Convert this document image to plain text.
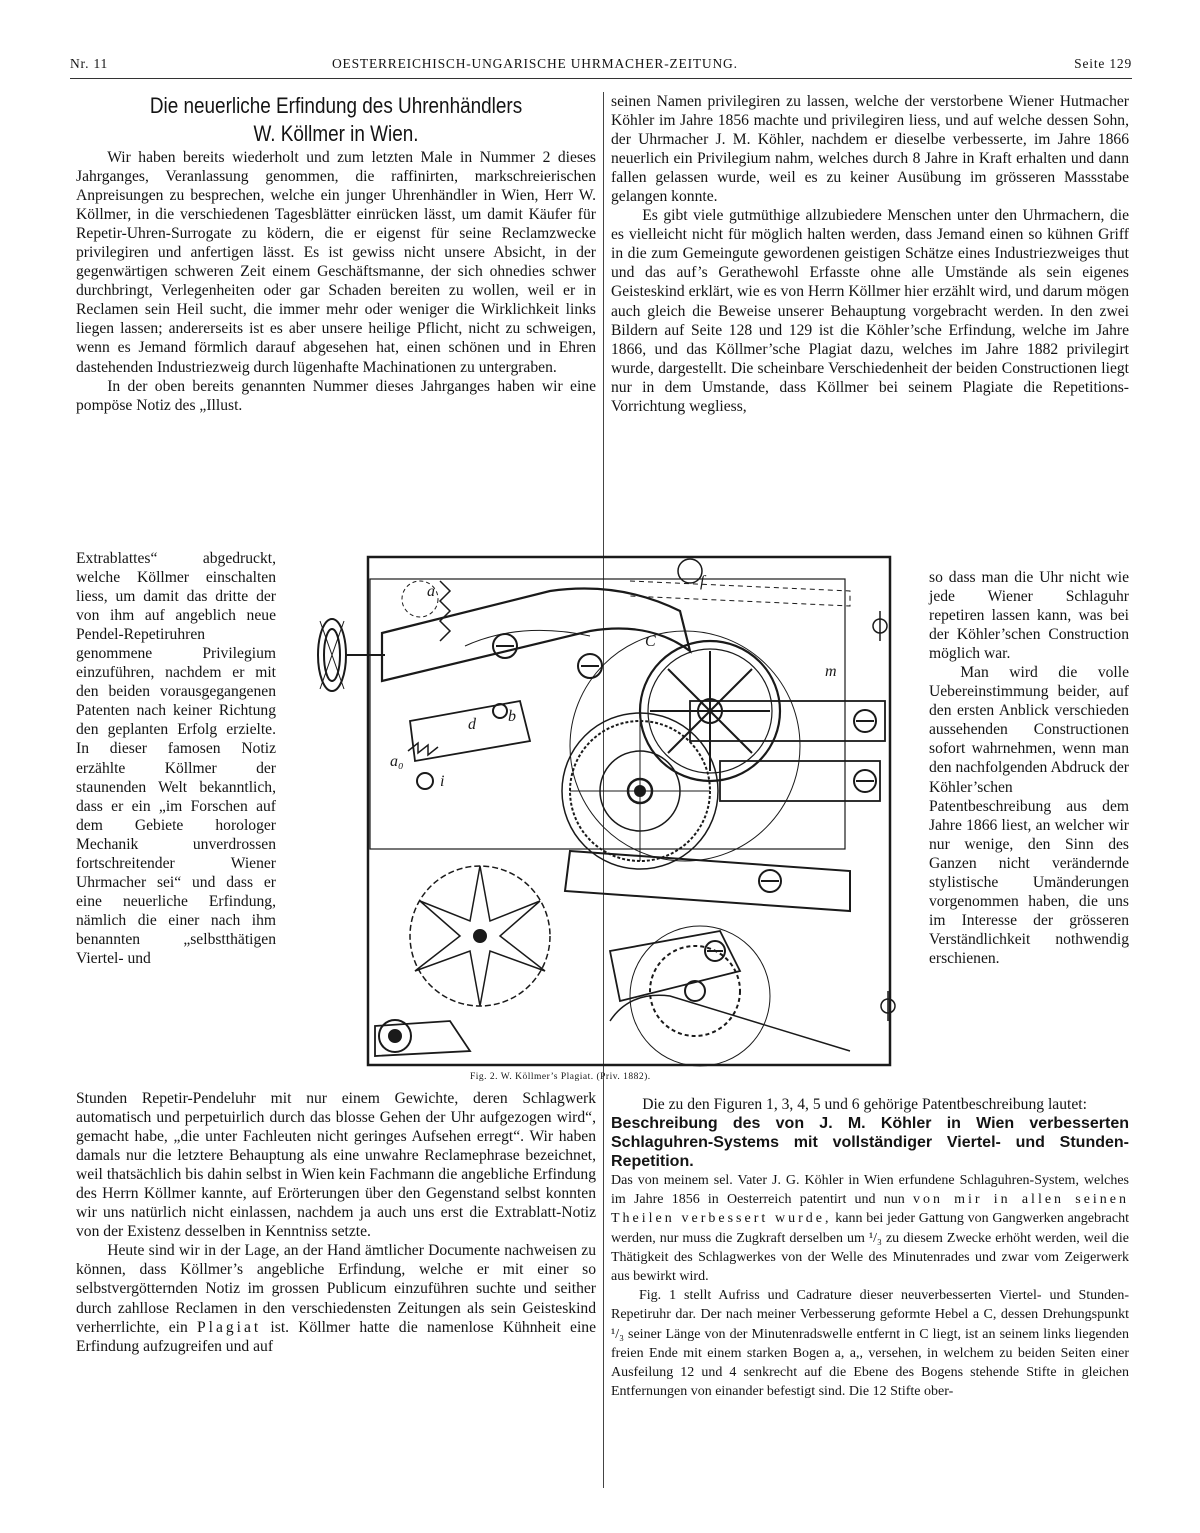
Nr. 11	OESTERREICHISCH-UNGARISCHE UHRMACHER-ZEITUNG.	Seite 129
Die neuerliche Erfindung des Uhrenhändlers
W. Köllmer in Wien.

Wir haben bereits wiederholt und zum letzten Male in Nummer 2 dieses Jahrganges, Veranlassung genommen, die raffinirten, markschreierischen Anpreisungen zu besprechen, welche ein junger Uhrenhändler in Wien, Herr W. Köllmer, in die verschiedenen Tagesblätter einrücken lässt, um damit Käufer für Repetir-Uhren-Surrogate zu ködern, die er eigenst für seine Reclamzwecke privilegiren und anfertigen lässt. Es ist gewiss nicht unsere Absicht, in der gegenwärtigen schweren Zeit einem Geschäftsmanne, der sich ohnedies schwer durchbringt, Verlegenheiten oder gar Schaden bereiten zu wollen, weil er in Reclamen sein Heil sucht, die immer mehr oder weniger die Wirklichkeit links liegen lassen; andererseits ist es aber unsere heilige Pflicht, nicht zu schweigen, wenn es Jemand förmlich darauf abgesehen hat, einen schönen und in Ehren dastehenden Industriezweig durch lügenhafte Machinationen zu untergraben.

In der oben bereits genannten Nummer dieses Jahrganges haben wir eine pompöse Notiz des „Illust.

Extrablattes“ abgedruckt, welche Köllmer einschalten liess, um damit das dritte der von ihm auf angeblich neue Pendel-Repetiruhren genommene Privilegium einzuführen, nachdem er mit den beiden vorausgegangenen Patenten nach keiner Richtung den geplanten Erfolg erzielte. In dieser famosen Notiz erzählte Köllmer der staunenden Welt bekanntlich, dass er ein „im Forschen auf dem Gebiete horologer Mechanik unverdrossen fortschreitender Wiener Uhrmacher sei“ und dass er eine neuerliche Erfindung, nämlich die einer nach ihm benannten „selbstthätigen Viertel- und

Stunden Repetir-Pendeluhr mit nur einem Gewichte, deren Schlagwerk automatisch und perpetuirlich durch das blosse Gehen der Uhr aufgezogen wird“, gemacht habe, „die unter Fachleuten nicht geringes Aufsehen erregt“. Wir haben damals nur die letztere Behauptung als eine unwahre Reclamephrase bezeichnet, weil thatsächlich bis dahin selbst in Wien kein Fachmann die angebliche Erfindung des Herrn Köllmer kannte, auf Erörterungen über den Gegenstand selbst konnten wir uns natürlich nicht einlassen, nachdem ja auch uns erst die Extrablatt-Notiz von der Existenz desselben in Kenntniss setzte.

Heute sind wir in der Lage, an der Hand ämtlicher Documente nachweisen zu können, dass Köllmer’s angebliche Erfindung, welche er mit einer so selbstvergötternden Notiz im grossen Publicum einzuführen suchte und seither durch zahllose Reclamen in den verschiedensten Zeitungen als sein Geisteskind verherrlichte, ein Plagiat ist. Köllmer hatte die namenlose Kühnheit eine Erfindung aufzugreifen und auf

seinen Namen privilegiren zu lassen, welche der verstorbene Wiener Hutmacher Köhler im Jahre 1856 machte und privilegiren liess, und auf welche dessen Sohn, der Uhrmacher J. M. Köhler, nachdem er dieselbe verbesserte, im Jahre 1866 neuerlich ein Privilegium nahm, welches durch 8 Jahre in Kraft erhalten und dann fallen gelassen wurde, weil es zu keiner Ausübung im grösseren Massstabe gelangen konnte.

Es gibt viele gutmüthige allzubiedere Menschen unter den Uhrmachern, die es vielleicht nicht für möglich halten werden, dass Jemand einen so kühnen Griff in die zum Gemeingute gewordenen geistigen Schätze eines Industriezweiges thut und das auf’s Gerathewohl Erfasste ohne alle Umstände als sein eigenes Geisteskind erklärt, wie es von Herrn Köllmer hier erzählt wird, und darum mögen auch gleich die Beweise unserer Behauptung vorgebracht werden. In den zwei Bildern auf Seite 128 und 129 ist die Köhler’sche Erfindung, welche im Jahre 1866, und das Köllmer’sche Plagiat dazu, welches im Jahre 1882 privilegirt wurde, dargestellt. Die scheinbare Verschiedenheit der beiden Constructionen liegt nur in dem Umstande, dass Köllmer bei seinem Plagiate die Repetitions-Vorrichtung wegliess,

so dass man die Uhr nicht wie jede Wiener Schlaguhr repetiren lassen kann, was bei der Köhler’schen Construction möglich war.

Man wird die volle Uebereinstimmung beider, auf den ersten Anblick verschieden aussehenden Constructionen sofort wahrnehmen, wenn man den nachfolgenden Abdruck der Köhler’schen Patentbeschreibung aus dem Jahre 1866 liest, an welcher wir nur wenige, den Sinn des Ganzen nicht verändernde stylistische Umänderungen vorgenommen haben, die uns im Interesse der grösseren Verständlichkeit nothwendig erschienen.

Die zu den Figuren 1, 3, 4, 5 und 6 gehörige Patentbeschreibung lautet:

Beschreibung des von J. M. Köhler in Wien verbesserten Schlaguhren-Systems mit vollständiger Viertel- und Stunden-Repetition.

Das von meinem sel. Vater J. G. Köhler in Wien erfundene Schlaguhren-System, welches im Jahre 1856 in Oesterreich patentirt und nun von mir in allen seinen Theilen verbessert wurde, kann bei jeder Gattung von Gangwerken angebracht werden, nur muss die Zugkraft derselben um ¹/₃ zu diesem Zwecke erhöht werden, weil die Thätigkeit des Schlagwerkes von der Welle des Minutenrades und zwar vom Zeigerwerk aus bewirkt wird.

Fig. 1 stellt Aufriss und Cadrature dieser neuverbesserten Viertel- und Stunden-Repetiruhr dar. Der nach meiner Verbesserung geformte Hebel a C, dessen Drehungspunkt ¹/₃ seiner Länge von der Minutenradswelle entfernt in C liegt, ist an seinem links liegenden freien Ende mit einem starken Bogen a, a,, versehen, in welchem zu beiden Seiten einer Ausfeilung 12 und 4 senkrecht auf die Ebene des Bogens stehende Stifte in gleichen Entfernungen von einander befestigt sind. Die 12 Stifte ober-

a
a₀
b
d
f
i
m
C
Fig. 2. W. Köllmer’s Plagiat. (Priv. 1882).
